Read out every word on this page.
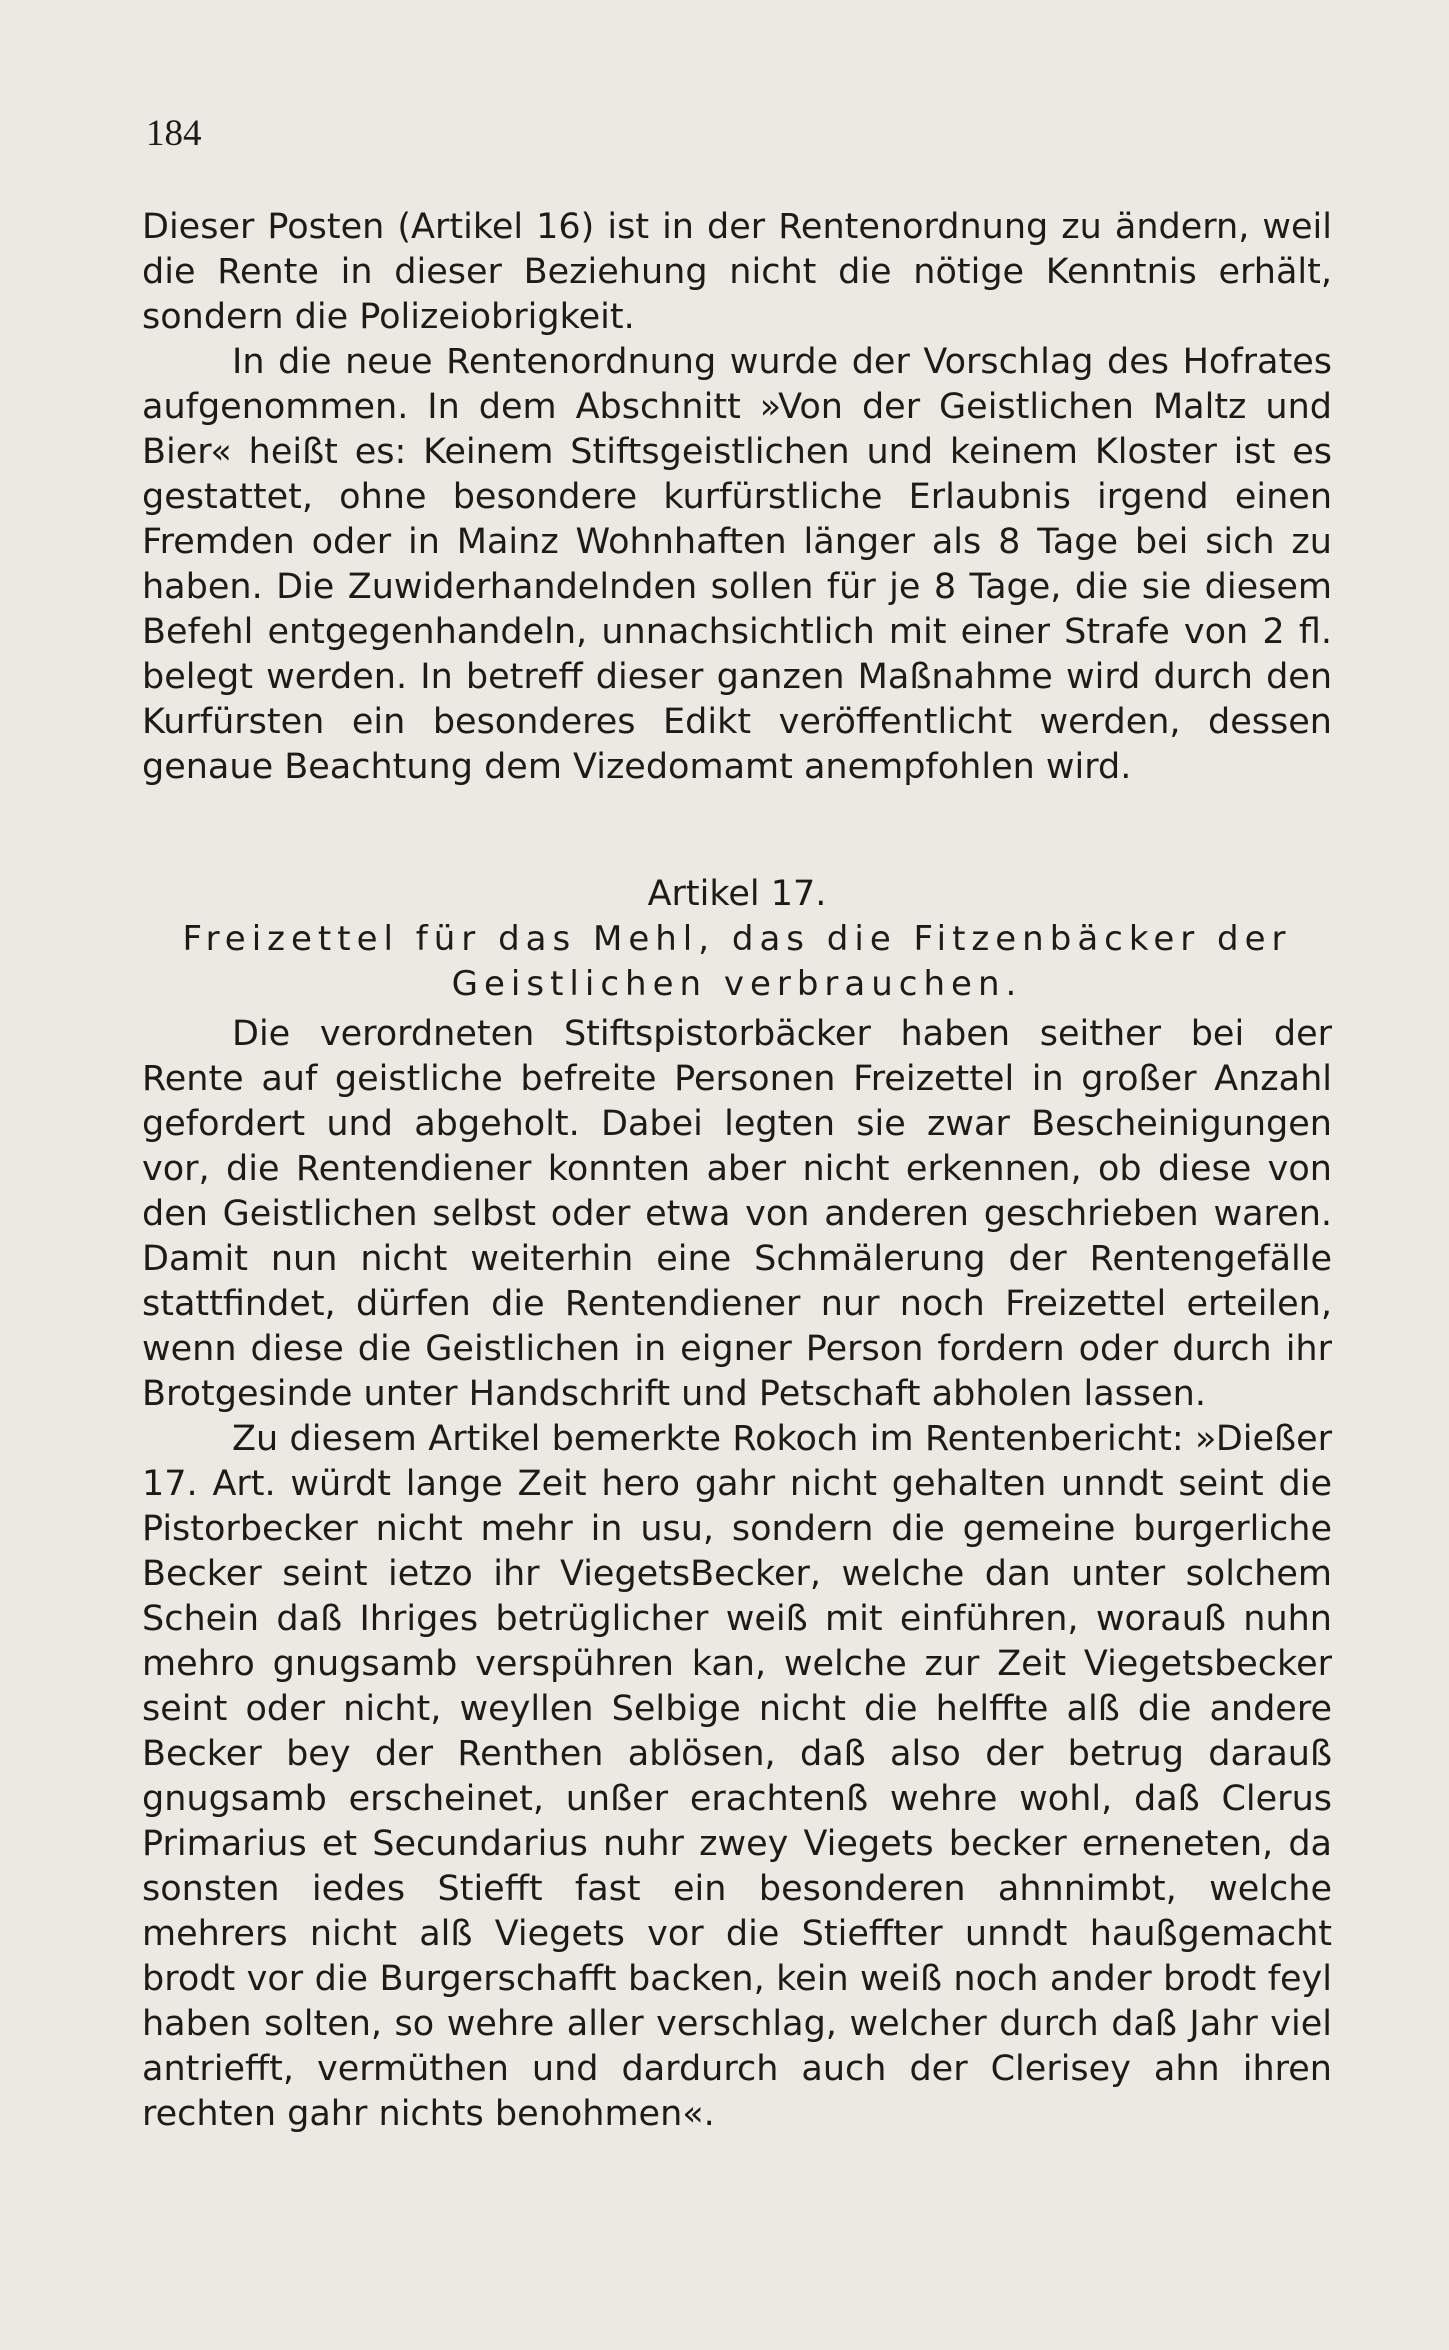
184

Dieser Posten (Artikel 16) ist in der Rentenordnung zu ändern, weil die Rente in dieser Beziehung nicht die nötige Kenntnis erhält, sondern die Polizeiobrigkeit.

In die neue Rentenordnung wurde der Vorschlag des Hofrates aufgenommen. In dem Abschnitt »Von der Geistlichen Maltz und Bier« heißt es: Keinem Stiftsgeistlichen und keinem Kloster ist es gestattet, ohne besondere kurfürstliche Erlaubnis irgend einen Fremden oder in Mainz Wohnhaften länger als 8 Tage bei sich zu haben. Die Zuwiderhandelnden sollen für je 8 Tage, die sie diesem Befehl entgegenhandeln, unnachsichtlich mit einer Strafe von 2 fl. belegt werden. In betreff dieser ganzen Maßnahme wird durch den Kurfürsten ein besonderes Edikt veröffentlicht werden, dessen genaue Beachtung dem Vizedomamt anempfohlen wird.

Artikel 17.
Freizettel für das Mehl, das die Fitzenbäcker der
Geistlichen verbrauchen.

Die verordneten Stiftspistorbäcker haben seither bei der Rente auf geistliche befreite Personen Freizettel in großer Anzahl gefordert und abgeholt. Dabei legten sie zwar Bescheinigungen vor, die Rentendiener konnten aber nicht erkennen, ob diese von den Geistlichen selbst oder etwa von anderen geschrieben waren. Damit nun nicht weiterhin eine Schmälerung der Rentengefälle stattfindet, dürfen die Rentendiener nur noch Freizettel erteilen, wenn diese die Geistlichen in eigner Person fordern oder durch ihr Brotgesinde unter Handschrift und Petschaft abholen lassen.

Zu diesem Artikel bemerkte Rokoch im Rentenbericht: »Dießer 17. Art. würdt lange Zeit hero gahr nicht gehalten unndt seint die Pistorbecker nicht mehr in usu, sondern die gemeine burgerliche Becker seint ietzo ihr ViegetsBecker, welche dan unter solchem Schein daß Ihriges betrüglicher weiß mit einführen, worauß nuhn mehro gnugsamb verspühren kan, welche zur Zeit Viegetsbecker seint oder nicht, weyllen Selbige nicht die helffte alß die andere Becker bey der Renthen ablösen, daß also der betrug darauß gnugsamb erscheinet, unßer erachtenß wehre wohl, daß Clerus Primarius et Secundarius nuhr zwey Viegets becker erneneten, da sonsten iedes Stiefft fast ein besonderen ahnnimbt, welche mehrers nicht alß Viegets vor die Stieffter unndt haußgemacht brodt vor die Burgerschafft backen, kein weiß noch ander brodt feyl haben solten, so wehre aller verschlag, welcher durch daß Jahr viel antriefft, vermüthen und dardurch auch der Clerisey ahn ihren rechten gahr nichts benohmen«.
